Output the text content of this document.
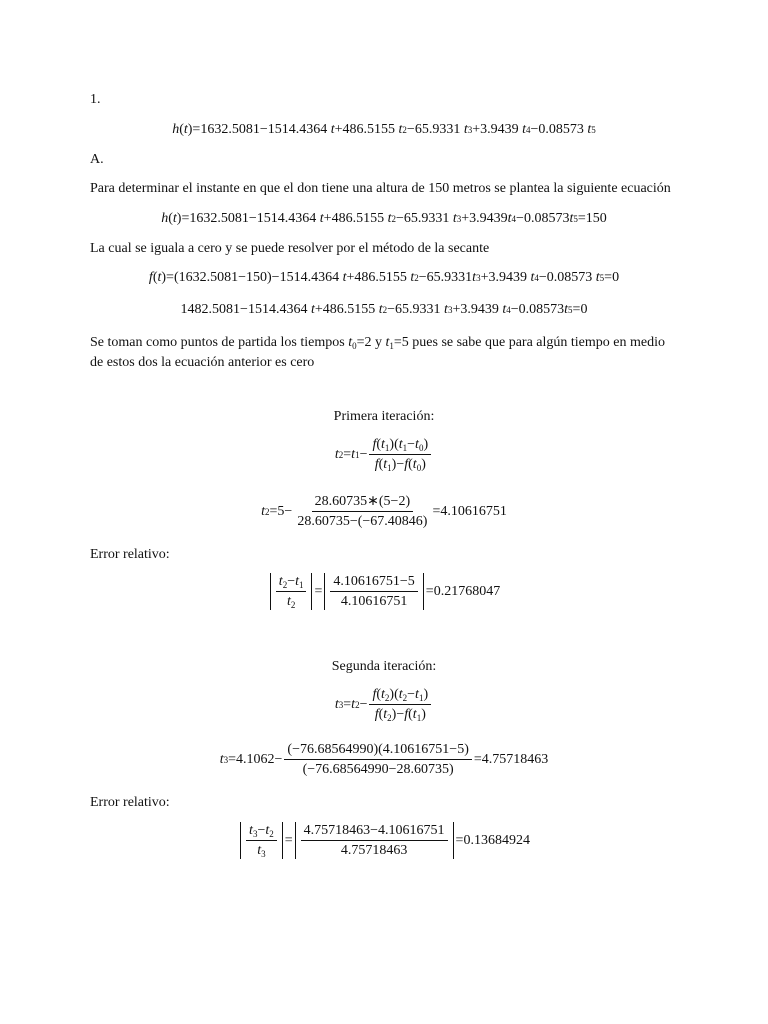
1.
h ( t )= 1632.5081 − 1514.4364
t + 486.5155
t 2 − 65.9331
t 3 + 3.9439
t 4 − 0.08573
t 5
A.
Para determinar el instante en que el don tiene una altura de 150 metros se plantea la siguiente ecuación
h ( t )= 1632.5081 − 1514.4364
t + 486.5155
t 2 − 65.9331
t 3 + 3.9439 t 4 − 0.08573 t 5 = 150
La cual se iguala a cero y se puede resolver por el método de la secante
f ( t )= (1632.5081−150) − 1514.4364
t + 486.5155
t 2 − 65.9331 t 3 + 3.9439
t 4 − 0.08573
t 5 = 0
1482.5081 − 1514.4364
t + 486.5155
t 2 − 65.9331
t 3 + 3.9439
t 4 − 0.08573 t 5 = 0
Se toman como puntos de partida los tiempos $t_0=2$ y $t_1=5$ pues se sabe que para algún tiempo en medio de estos dos la ecuación anterior es cero
Primera iteración:
t 2 = t $1 - \frac{f(t_1)(t_1-t_0)}{f(t_1)-f(t_0)}$
t $2 = 5- \frac{28.60735∗(5-2)}{28.60735-(-67.40846)} = 4.10616751$
Error relativo:
$\frac{t_2-t_1}{t_2} = \frac{4.10616751-5}{4.10616751} = 0.21768047$
Segunda iteración:
t 3 = t $2 - \frac{f(t_2)(t_2-t_1)}{f(t_2)-f(t_1)}$
t $3 = 4.1062- \frac{(-76.68564990)(4.10616751-5)}{(-76.68564990-28.60735)} = 4.75718463$
Error relativo:
$\frac{t_3-t_2}{t_3} = \frac{4.75718463-4.10616751}{4.75718463} = 0.13684924$
